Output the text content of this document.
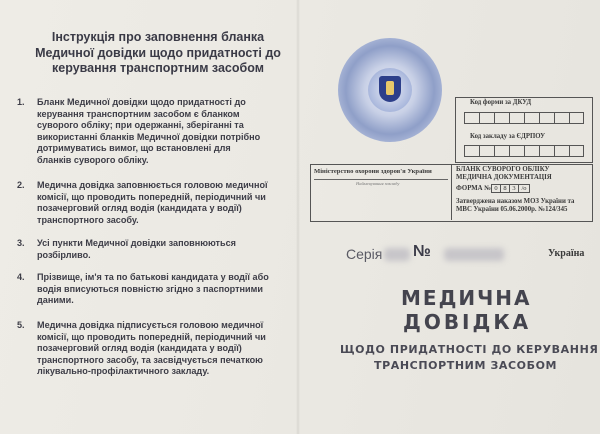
Інструкція про заповнення бланка
Медичної довідки щодо придатності до
керування транспортним засобом
1. Бланк Медичної довідки щодо придатності до
керування транспортним засобом є бланком
суворого обліку; при одержанні, зберіганні та
використанні бланків Медичної довідки потрібно
дотримуватись вимог, що встановлені для
бланків суворого обліку.
2. Медична довідка заповнюється головою медичної
комісії, що проводить попередній, періодичний чи
позачерговий огляд водія (кандидата у водії)
транспортного засобу.
3. Усі пункти Медичної довідки заповнюються
розбірливо.
4. Прізвище, ім'я та по батькові кандидата у водії або
водія вписуються повністю згідно з паспортними
даними.
5. Медична довідка підписується головою медичної
комісії, що проводить попередній, періодичний чи
позачерговий огляд водія (кандидата у водії)
транспортного засобу, та засвідчується печаткою
лікувально-профілактичного закладу.
Код форми за ДКУД
Код закладу за ЄДРПОУ
Міністерство охорони здоров'я України
Найменування закладу
БЛАНК СУВОРОГО ОБЛІКУ
МЕДИЧНА ДОКУМЕНТАЦІЯ
ФОРМА № 0 8 3 /о
Затверджена наказом МОЗ України та
МВС України 05.06.2000р. №124/345
Серія №	Україна
МЕДИЧНА
ДОВІДКА
ЩОДО ПРИДАТНОСТІ ДО КЕРУВАННЯ
ТРАНСПОРТНИМ ЗАСОБОМ
